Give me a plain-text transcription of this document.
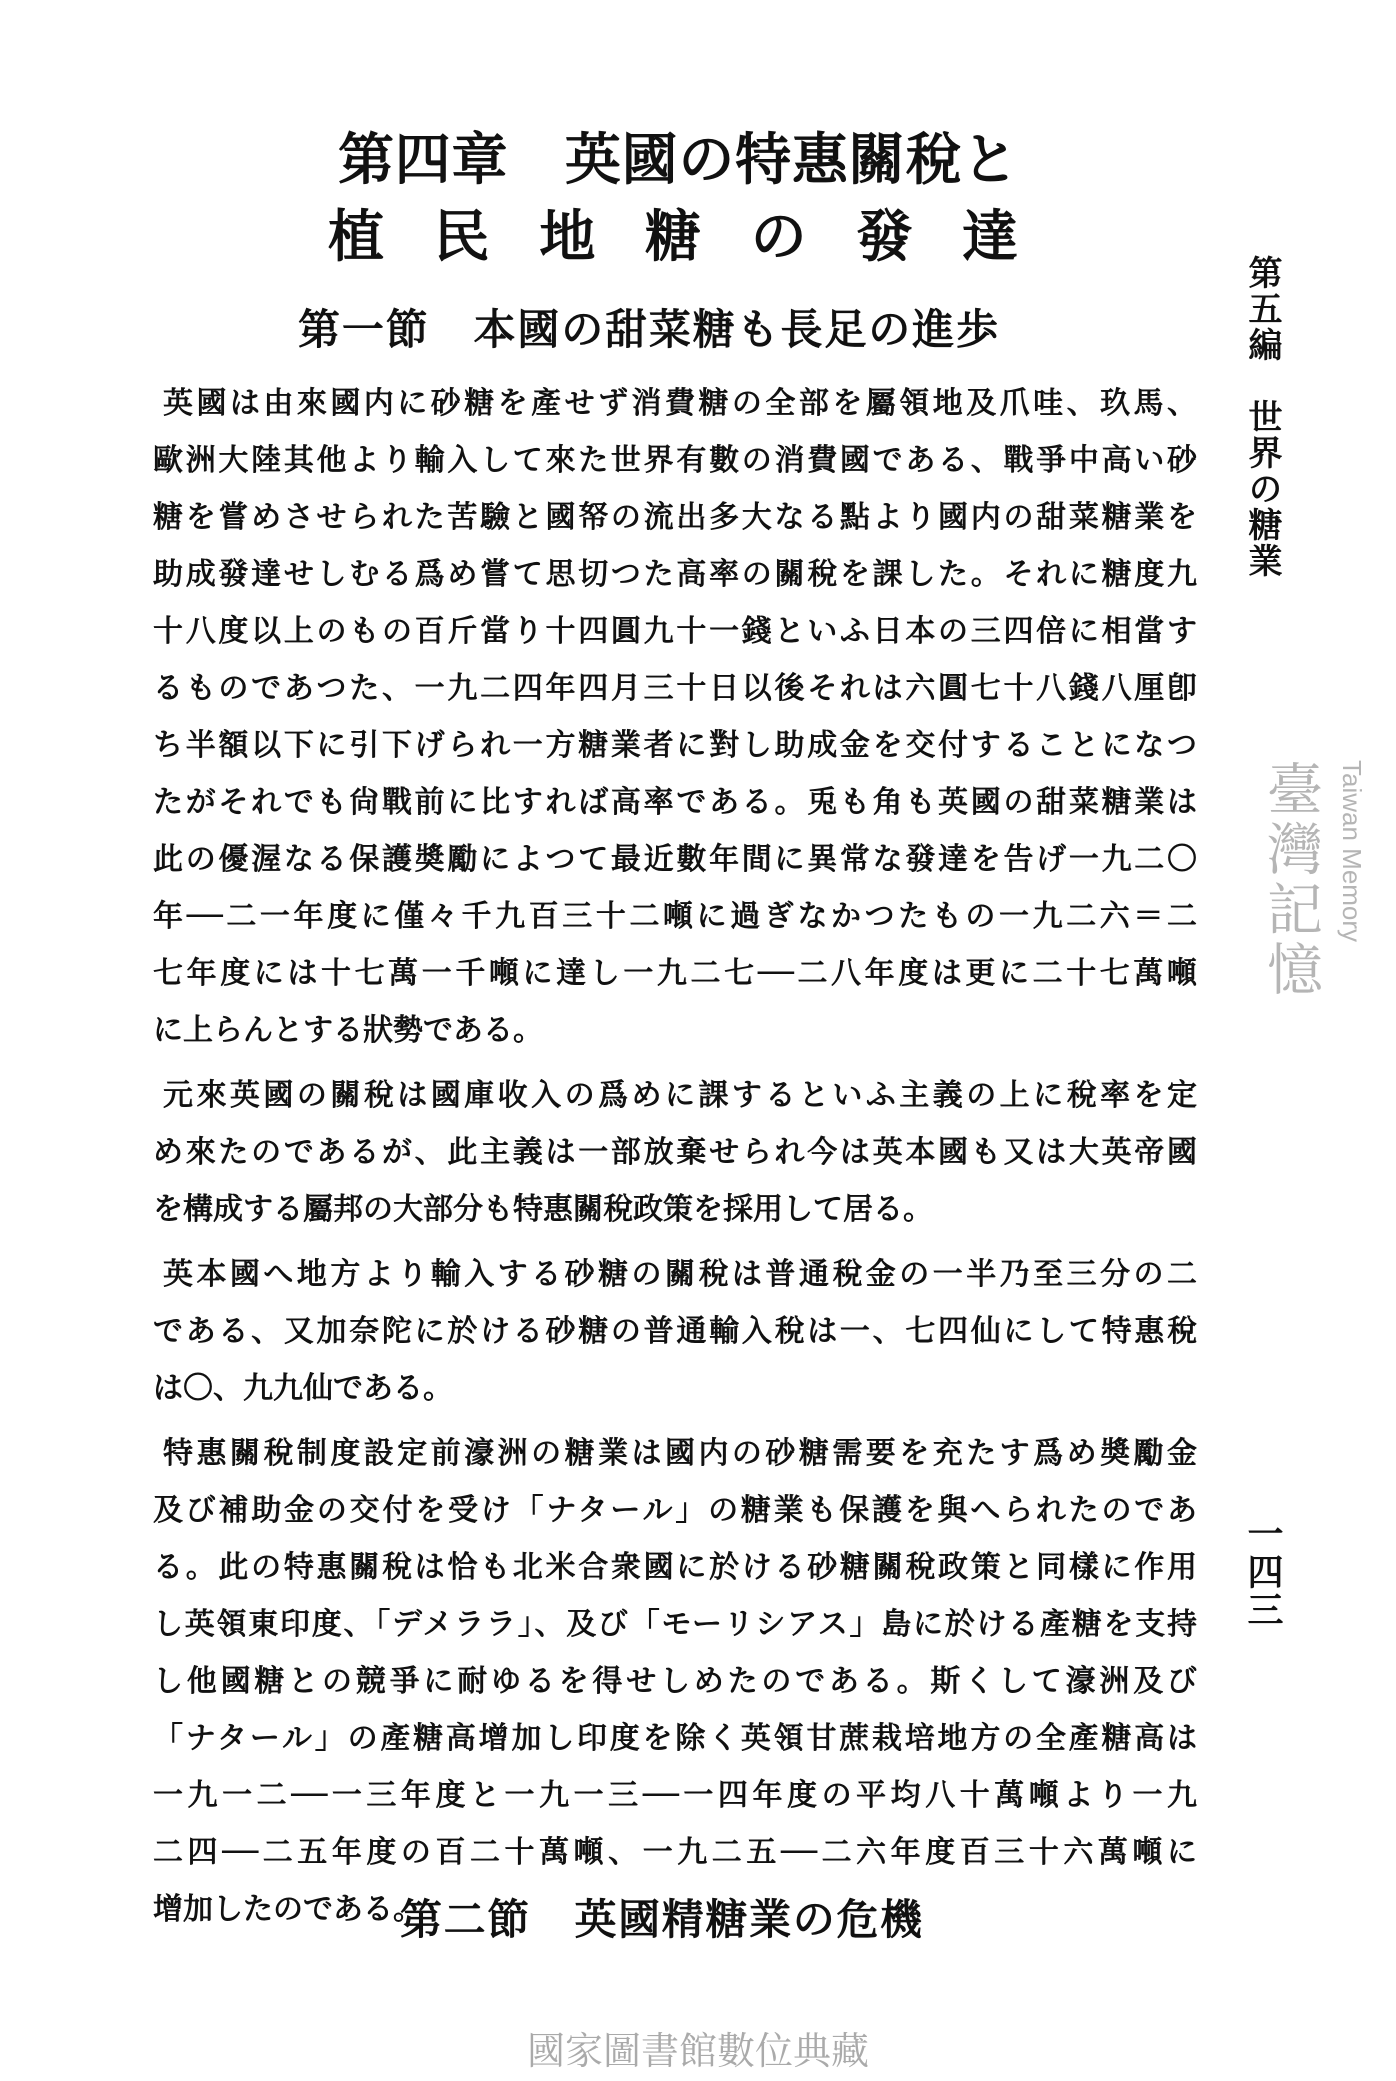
第四章　英國の特惠關稅と
植民地糖の發達
第一節　本國の甜菜糖も長足の進歩
英國は由來國内に砂糖を產せず消費糖の全部を屬領地及爪哇、玖馬、
歐洲大陸其他より輸入して來た世界有數の消費國である、戰爭中高い砂
糖を嘗めさせられた苦驗と國帑の流出多大なる點より國内の甜菜糖業を
助成發達せしむる爲め嘗て思切つた高率の關稅を課した。それに糖度九
十八度以上のもの百斤當り十四圓九十一錢といふ日本の三四倍に相當す
るものであつた、一九二四年四月三十日以後それは六圓七十八錢八厘卽
ち半額以下に引下げられ一方糖業者に對し助成金を交付することになつ
たがそれでも尙戰前に比すれば高率である。兎も角も英國の甜菜糖業は
此の優渥なる保護奬勵によつて最近數年間に異常な發達を告げ一九二〇
年──二一年度に僅々千九百三十二噸に過ぎなかつたもの一九二六＝二
七年度には十七萬一千噸に達し一九二七──二八年度は更に二十七萬噸
に上らんとする狀勢である。
元來英國の關稅は國庫收入の爲めに課するといふ主義の上に稅率を定
め來たのであるが、此主義は一部放棄せられ今は英本國も又は大英帝國
を構成する屬邦の大部分も特惠關稅政策を採用して居る。
英本國へ地方より輸入する砂糖の關稅は普通稅金の一半乃至三分の二
である、又加奈陀に於ける砂糖の普通輸入稅は一、七四仙にして特惠稅
は〇、九九仙である。
特惠關稅制度設定前濠洲の糖業は國内の砂糖需要を充たす爲め奬勵金
及び補助金の交付を受け「ナタール」の糖業も保護を與へられたのであ
る。此の特惠關稅は恰も北米合衆國に於ける砂糖關稅政策と同樣に作用
し英領東印度、「デメララ」、及び「モーリシアス」島に於ける產糖を支持
し他國糖との競爭に耐ゆるを得せしめたのである。斯くして濠洲及び
「ナタール」の產糖高增加し印度を除く英領甘蔗栽培地方の全產糖高は
一九一二──一三年度と一九一三──一四年度の平均八十萬噸より一九
二四──二五年度の百二十萬噸、一九二五──二六年度百三十六萬噸に
增加したのである。
第二節　英國精糖業の危機
第五編　世界の糖業
一四三
臺灣記憶 Taiwan Memory
國家圖書館數位典藏
